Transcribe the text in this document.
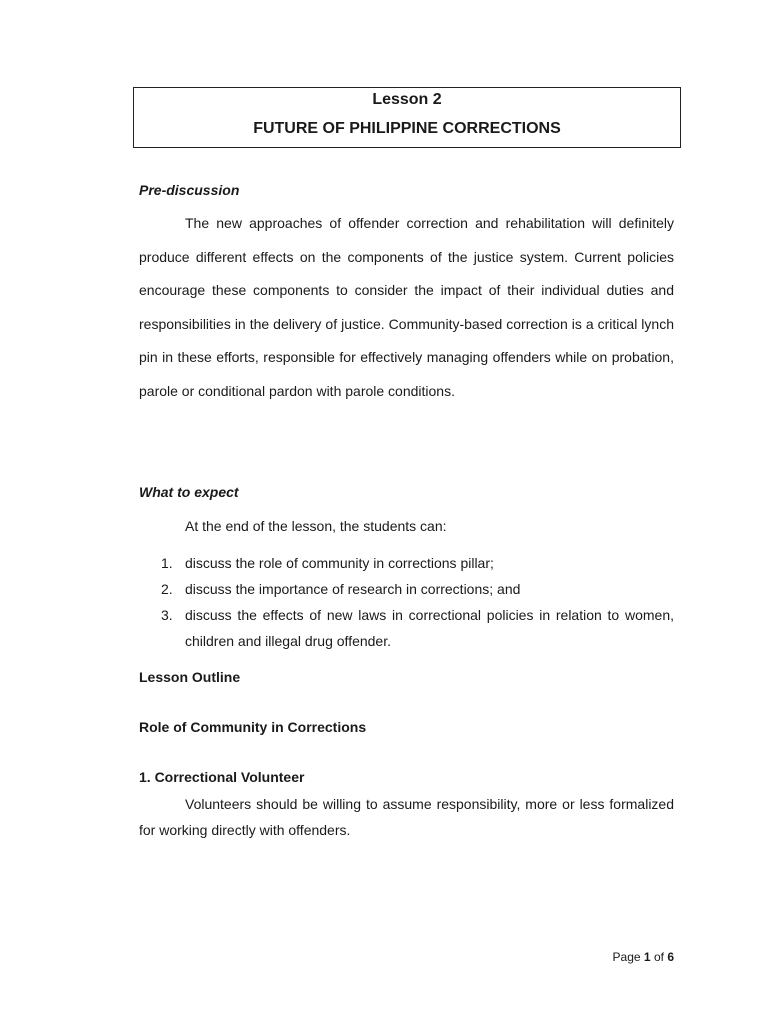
Lesson 2
FUTURE OF PHILIPPINE CORRECTIONS
Pre-discussion

The new approaches of offender correction and rehabilitation will definitely produce different effects on the components of the justice system. Current policies encourage these components to consider the impact of their individual duties and responsibilities in the delivery of justice. Community-based correction is a critical lynch pin in these efforts, responsible for effectively managing offenders while on probation, parole or conditional pardon with parole conditions.

What to expect
At the end of the lesson, the students can:
1. discuss the role of community in corrections pillar;
2. discuss the importance of research in corrections; and
3. discuss the effects of new laws in correctional policies in relation to women, children and illegal drug offender.
Lesson Outline
Role of Community in Corrections
1. Correctional Volunteer

Volunteers should be willing to assume responsibility, more or less formalized for working directly with offenders.

Page 1 of 6
